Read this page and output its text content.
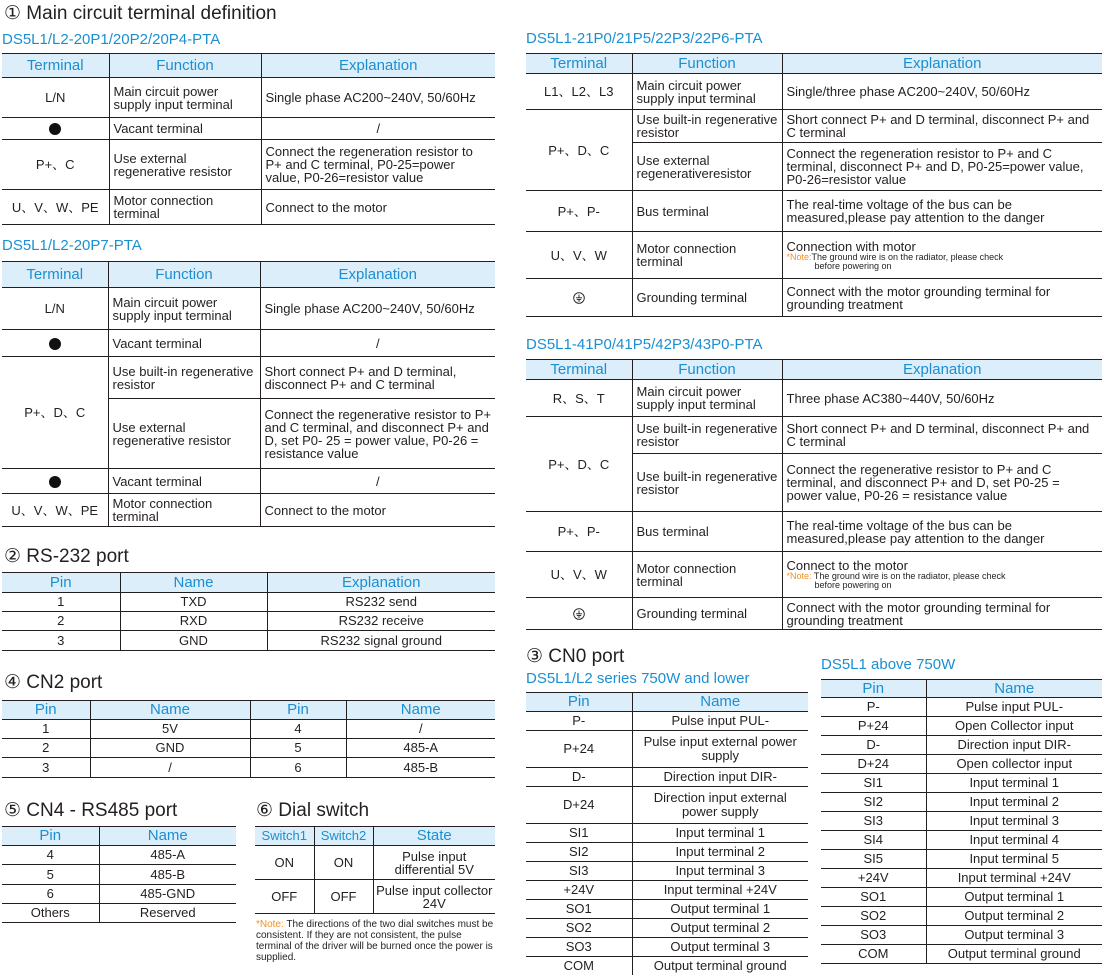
① Main circuit terminal definition
DS5L1/L2-20P1/20P2/20P4-PTA
Terminal	Function	Explanation
L/N	Main circuit power supply input terminal	Single phase AC200~240V, 50/60Hz
	Vacant terminal	/
P+、C	Use external regenerative resistor	Connect the regeneration resistor to P+ and C terminal, P0-25=power value, P0-26=resistor value
U、V、W、PE	Motor connection terminal	Connect to the motor
DS5L1/L2-20P7-PTA
Terminal	Function	Explanation
L/N	Main circuit power supply input terminal	Single phase AC200~240V, 50/60Hz
	Vacant terminal	/
P+、D、C	Use built-in regenerative resistor	Short connect P+ and D terminal, disconnect P+ and C terminal
	Use external regenerative resistor	Connect the regenerative resistor to P+ and C terminal, and disconnect P+ and D, set P0- 25 = power value, P0-26 = resistance value
	Vacant terminal	/
U、V、W、PE	Motor connection terminal	Connect to the motor
DS5L1-21P0/21P5/22P3/22P6-PTA
Terminal	Function	Explanation
L1、L2、L3	Main circuit power supply input terminal	Single/three phase AC200~240V, 50/60Hz
P+、D、C	Use built-in regenerative resistor	Short connect P+ and D terminal, disconnect P+ and C terminal
	Use external regenerativeresistor	Connect the regeneration resistor to P+ and C terminal, disconnect P+ and D, P0-25=power value, P0-26=resistor value
P+、P-	Bus terminal	The real-time voltage of the bus can be measured,please pay attention to the danger
U、V、W	Motor connection terminal	Connection with motor
*Note:The ground wire is on the radiator, please check
before powering on

	Grounding terminal	Connect with the motor grounding terminal for grounding treatment
DS5L1-41P0/41P5/42P3/43P0-PTA
Terminal	Function	Explanation
R、S、T	Main circuit power supply input terminal	Three phase AC380~440V, 50/60Hz
P+、D、C	Use built-in regenerative resistor	Short connect P+ and D terminal, disconnect P+ and C terminal
	Use built-in regenerative resistor	Connect the regenerative resistor to P+ and C terminal, and disconnect P+ and D, set P0-25 = power value, P0-26 = resistance value
P+、P-	Bus terminal	The real-time voltage of the bus can be measured,please pay attention to the danger
U、V、W	Motor connection terminal	Connect to the motor
*Note: The ground wire is on the radiator, please check
before powering on

	Grounding terminal	Connect with the motor grounding terminal for grounding treatment
② RS-232 port
Pin	Name	Explanation
1	TXD	RS232 send
2	RXD	RS232 receive
3	GND	RS232 signal ground
④ CN2 port
Pin	Name	Pin	Name
1	5V	4	/
2	GND	5	485-A
3	/	6	485-B
⑤ CN4 - RS485 port
Pin	Name
4	485-A
5	485-B
6	485-GND
Others	Reserved
⑥ Dial switch
Switch1	Switch2	State
ON	ON	Pulse input differential 5V
OFF	OFF	Pulse input collector 24V
*Note: The directions of the two dial switches must be consistent. If they are not consistent, the pulse terminal of the driver will be burned once the power is supplied.
③ CN0 port
DS5L1/L2 series 750W and lower
Pin	Name
P-	Pulse input PUL-
P+24	Pulse input external power supply
D-	Direction input DIR-
D+24	Direction input external power supply
SI1	Input terminal 1
SI2	Input terminal 2
SI3	Input terminal 3
+24V	Input terminal +24V
SO1	Output terminal 1
SO2	Output terminal 2
SO3	Output terminal 3
COM	Output terminal ground
DS5L1 above 750W
Pin	Name
P-	Pulse input PUL-
P+24	Open Collector input
D-	Direction input DIR-
D+24	Open collector input
SI1	Input terminal 1
SI2	Input terminal 2
SI3	Input terminal 3
SI4	Input terminal 4
SI5	Input terminal 5
+24V	Input terminal +24V
SO1	Output terminal 1
SO2	Output terminal 2
SO3	Output terminal 3
COM	Output terminal ground
